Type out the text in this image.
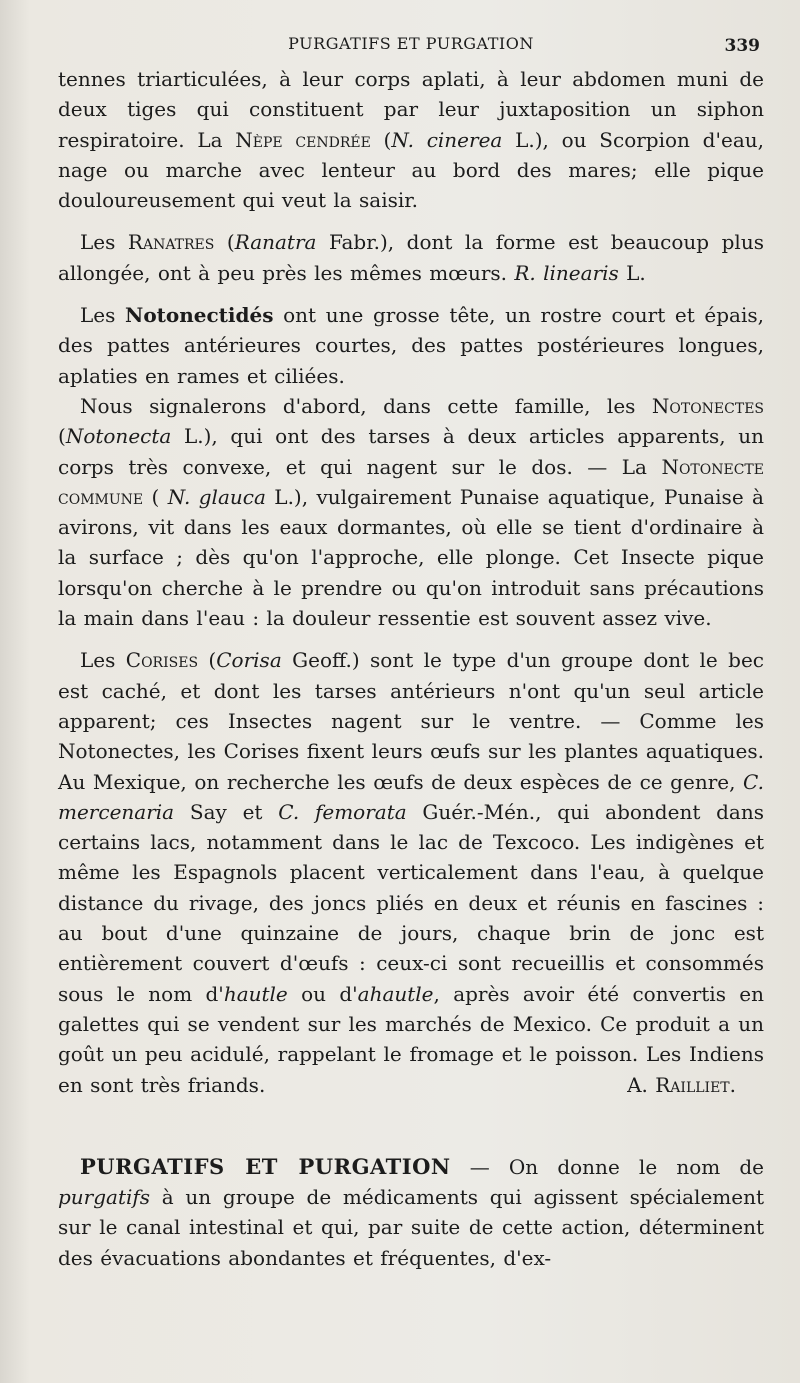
PURGATIFS ET PURGATION	339

tennes triarticulées, à leur corps aplati, à leur abdomen muni de deux tiges qui constituent par leur juxtaposition un siphon respiratoire. La Nèpe cendrée (N. cinerea L.), ou Scorpion d'eau, nage ou marche avec lenteur au bord des mares; elle pique douloureusement qui veut la saisir.

Les Ranatres (Ranatra Fabr.), dont la forme est beaucoup plus allongée, ont à peu près les mêmes mœurs. R. linearis L.

Les Notonectidés ont une grosse tête, un rostre court et épais, des pattes antérieures courtes, des pattes postérieures longues, aplaties en rames et ciliées.

Nous signalerons d'abord, dans cette famille, les Notonectes (Notonecta L.), qui ont des tarses à deux articles apparents, un corps très convexe, et qui nagent sur le dos. — La Notonecte commune ( N. glauca L.), vulgairement Punaise aquatique, Punaise à avirons, vit dans les eaux dormantes, où elle se tient d'ordinaire à la surface ; dès qu'on l'approche, elle plonge. Cet Insecte pique lorsqu'on cherche à le prendre ou qu'on introduit sans précautions la main dans l'eau : la douleur ressentie est souvent assez vive.

Les Corises (Corisa Geoff.) sont le type d'un groupe dont le bec est caché, et dont les tarses antérieurs n'ont qu'un seul article apparent; ces Insectes nagent sur le ventre. — Comme les Notonectes, les Corises fixent leurs œufs sur les plantes aquatiques. Au Mexique, on recherche les œufs de deux espèces de ce genre, C. mercenaria Say et C. femorata Guér.-Mén., qui abondent dans certains lacs, notamment dans le lac de Texcoco. Les indigènes et même les Espagnols placent verticalement dans l'eau, à quelque distance du rivage, des joncs pliés en deux et réunis en fascines : au bout d'une quinzaine de jours, chaque brin de jonc est entièrement couvert d'œufs : ceux-ci sont recueillis et consommés sous le nom d'hautle ou d'ahautle, après avoir été convertis en galettes qui se vendent sur les marchés de Mexico. Ce produit a un goût un peu acidulé, rappelant le fromage et le poisson. Les Indiens en sont très friands.	A. Railliet.

PURGATIFS ET PURGATION — On donne le nom de purgatifs à un groupe de médicaments qui agissent spécialement sur le canal intestinal et qui, par suite de cette action, déterminent des évacuations abondantes et fréquentes, d'ex-
